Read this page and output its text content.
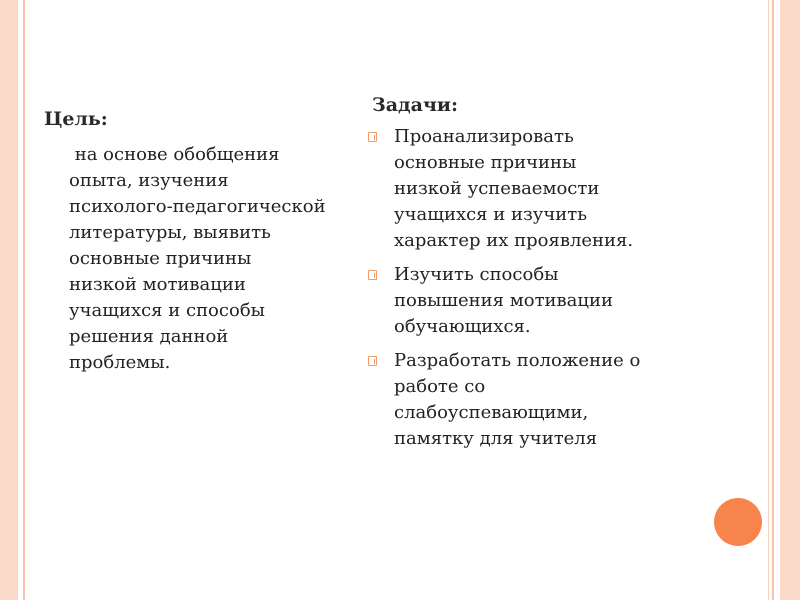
Цель:
на основе обобщения
опыта, изучения
психолого-педагогической
литературы, выявить
основные причины
низкой мотивации
учащихся и способы
решения данной
проблемы.
Задачи:
Проанализировать
основные причины
низкой успеваемости
учащихся и изучить
характер их проявления.
Изучить способы
повышения мотивации
обучающихся.
Разработать положение о
работе со
слабоуспевающими,
памятку для учителя
